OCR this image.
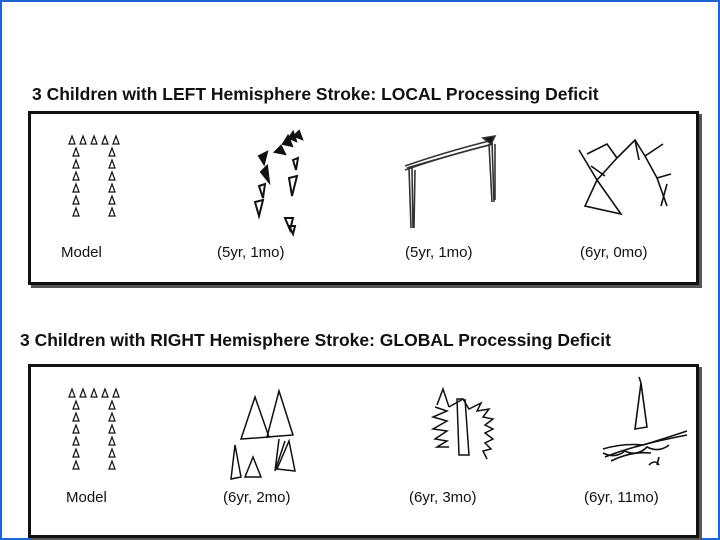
3 Children with LEFT Hemisphere Stroke: LOCAL Processing Deficit
Model	(5yr, 1mo)	(5yr, 1mo)	(6yr, 0mo)
3 Children with RIGHT Hemisphere Stroke: GLOBAL Processing Deficit
Model	(6yr, 2mo)	(6yr, 3mo)	(6yr, 11mo)
